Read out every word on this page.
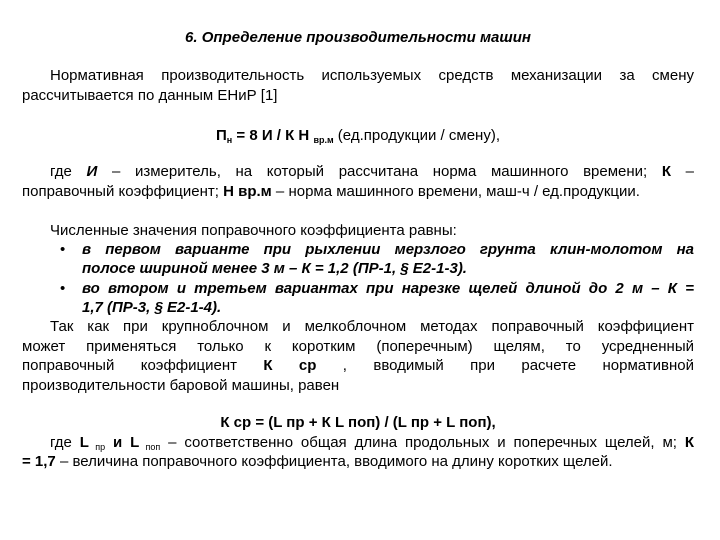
6. Определение производительности машин

Нормативная производительность используемых средств механизации за смену

рассчитывается по данным ЕНиР [1]

$П_н = 8$ И / К Н $_{вр.м}$ (ед.продукции / смену),

где И – измеритель, на который рассчитана норма машинного времени; К –

поправочный коэффициент; Н вр.м – норма машинного времени, маш-ч / ед.продукции.

Численные значения поправочного коэффициента равны:

• в первом варианте при рыхлении мерзлого грунта клин-молотом на

полосе шириной менее 3 м – К = 1,2 (ПР-1, § Е2-1-3).

• во втором и третьем вариантах при нарезке щелей длиной до 2 м – К =

1,7 (ПР-3, § Е2-1-4).

Так как при крупноблочном и мелкоблочном методах поправочный коэффициент

может применяться только к коротким (поперечным) щелям, то усредненный

поправочный коэффициент К ср , вводимый при расчете нормативной

производительности баровой машины, равен

К ср = (L пр + К L поп) / (L пр + L поп),

где L $_{пр}$ и L $_{поп}$ – соответственно общая длина продольных и поперечных щелей, м; К

= 1,7 – величина поправочного коэффициента, вводимого на длину коротких щелей.
